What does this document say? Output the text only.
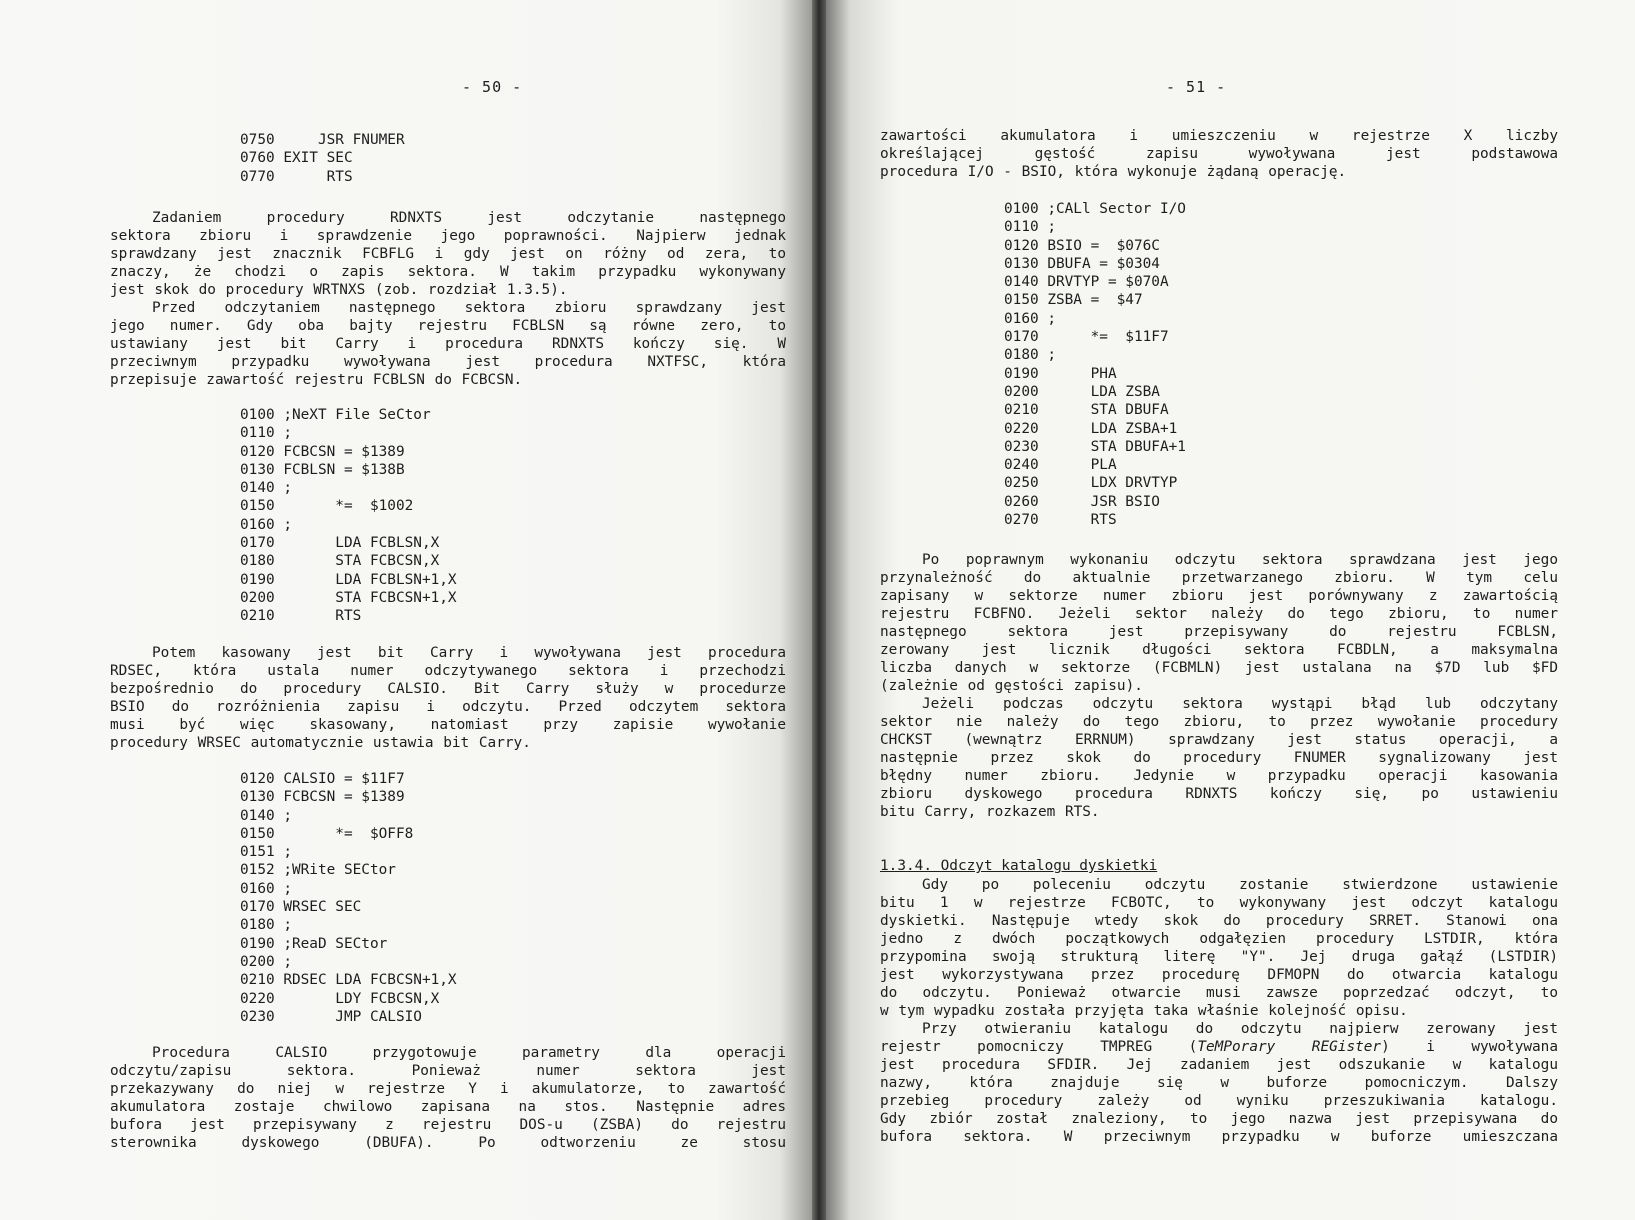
- 50 -
0750     JSR FNUMER
0760 EXIT SEC
0770      RTS
Zadaniem procedury RDNXTS jest odczytanie następnego
sektora zbioru i sprawdzenie jego poprawności. Najpierw jednak
sprawdzany jest znacznik FCBFLG i gdy jest on różny od zera, to
znaczy, że chodzi o zapis sektora. W takim przypadku wykonywany
jest skok do procedury WRTNXS (zob. rozdział 1.3.5).
Przed odczytaniem następnego sektora zbioru sprawdzany jest
jego numer. Gdy oba bajty rejestru FCBLSN są równe zero, to
ustawiany jest bit Carry i procedura RDNXTS kończy się. W
przeciwnym przypadku wywoływana jest procedura NXTFSC, która
przepisuje zawartość rejestru FCBLSN do FCBCSN.
0100 ;NeXT File SeCtor
0110 ;
0120 FCBCSN = $1389
0130 FCBLSN = $138B
0140 ;
0150       *=  $1002
0160 ;
0170       LDA FCBLSN,X
0180       STA FCBCSN,X
0190       LDA FCBLSN+1,X
0200       STA FCBCSN+1,X
0210       RTS
Potem kasowany jest bit Carry i wywoływana jest procedura
RDSEC, która ustala numer odczytywanego sektora i przechodzi
bezpośrednio do procedury CALSIO. Bit Carry służy w procedurze
BSIO do rozróżnienia zapisu i odczytu. Przed odczytem sektora
musi być więc skasowany, natomiast przy zapisie wywołanie
procedury WRSEC automatycznie ustawia bit Carry.
0120 CALSIO = $11F7
0130 FCBCSN = $1389
0140 ;
0150       *=  $OFF8
0151 ;
0152 ;WRite SECtor
0160 ;
0170 WRSEC SEC
0180 ;
0190 ;ReaD SECtor
0200 ;
0210 RDSEC LDA FCBCSN+1,X
0220       LDY FCBCSN,X
0230       JMP CALSIO
Procedura CALSIO przygotowuje parametry dla operacji
odczytu/zapisu sektora. Ponieważ numer sektora jest
przekazywany do niej w rejestrze Y i akumulatorze, to zawartość
akumulatora zostaje chwilowo zapisana na stos. Następnie adres
bufora jest przepisywany z rejestru DOS-u (ZSBA) do rejestru
sterownika dyskowego (DBUFA). Po odtworzeniu ze stosu
- 51 -
zawartości akumulatora i umieszczeniu w rejestrze X liczby
określającej gęstość zapisu wywoływana jest podstawowa
procedura I/O - BSIO, która wykonuje żądaną operację.
0100 ;CALl Sector I/O
0110 ;
0120 BSIO =  $076C
0130 DBUFA = $0304
0140 DRVTYP = $070A
0150 ZSBA =  $47
0160 ;
0170      *=  $11F7
0180 ;
0190      PHA
0200      LDA ZSBA
0210      STA DBUFA
0220      LDA ZSBA+1
0230      STA DBUFA+1
0240      PLA
0250      LDX DRVTYP
0260      JSR BSIO
0270      RTS
Po poprawnym wykonaniu odczytu sektora sprawdzana jest jego
przynależność do aktualnie przetwarzanego zbioru. W tym celu
zapisany w sektorze numer zbioru jest porównywany z zawartością
rejestru FCBFNO. Jeżeli sektor należy do tego zbioru, to numer
następnego sektora jest przepisywany do rejestru FCBLSN,
zerowany jest licznik długości sektora FCBDLN, a maksymalna
liczba danych w sektorze (FCBMLN) jest ustalana na $7D lub $FD
(zależnie od gęstości zapisu).
Jeżeli podczas odczytu sektora wystąpi błąd lub odczytany
sektor nie należy do tego zbioru, to przez wywołanie procedury
CHCKST (wewnątrz ERRNUM) sprawdzany jest status operacji, a
następnie przez skok do procedury FNUMER sygnalizowany jest
błędny numer zbioru. Jedynie w przypadku operacji kasowania
zbioru dyskowego procedura RDNXTS kończy się, po ustawieniu
bitu Carry, rozkazem RTS.
1.3.4. Odczyt katalogu dyskietki
Gdy po poleceniu odczytu zostanie stwierdzone ustawienie
bitu 1 w rejestrze FCBOTC, to wykonywany jest odczyt katalogu
dyskietki. Następuje wtedy skok do procedury SRRET. Stanowi ona
jedno z dwóch początkowych odgałęzien procedury LSTDIR, która
przypomina swoją strukturą literę "Y". Jej druga gałąź (LSTDIR)
jest wykorzystywana przez procedurę DFMOPN do otwarcia katalogu
do odczytu. Ponieważ otwarcie musi zawsze poprzedzać odczyt, to
w tym wypadku została przyjęta taka właśnie kolejność opisu.
Przy otwieraniu katalogu do odczytu najpierw zerowany jest
rejestr pomocniczy TMPREG (TeMPorary REGister) i wywoływana
jest procedura SFDIR. Jej zadaniem jest odszukanie w katalogu
nazwy, która znajduje się w buforze pomocniczym. Dalszy
przebieg procedury zależy od wyniku przeszukiwania katalogu.
Gdy zbiór został znaleziony, to jego nazwa jest przepisywana do
bufora sektora. W przeciwnym przypadku w buforze umieszczana
